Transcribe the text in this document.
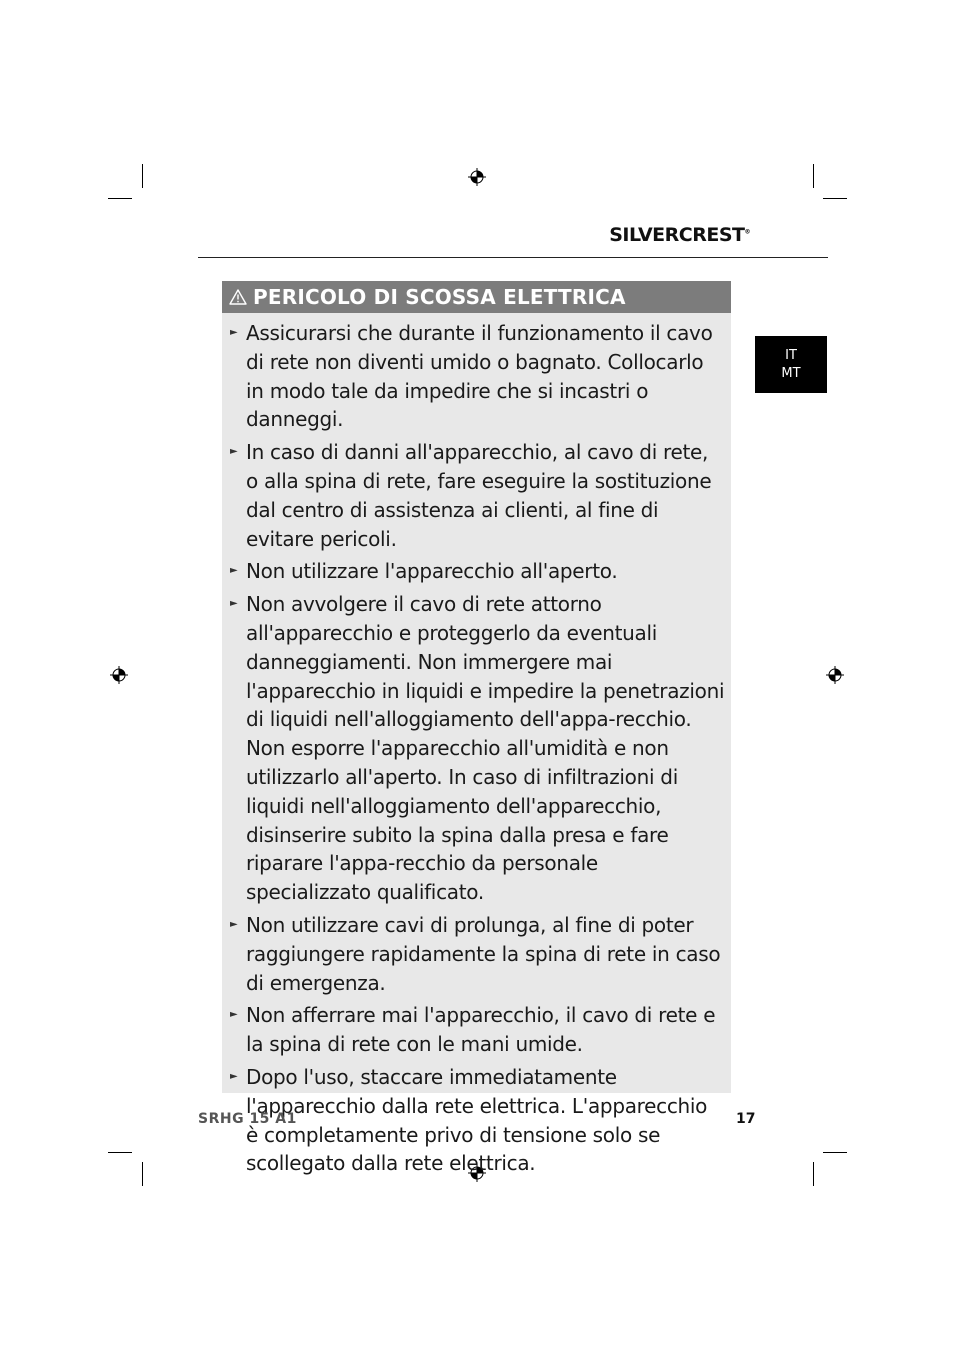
SILVERCREST®
IT
MT
PERICOLO DI SCOSSA ELETTRICA
► Assicurarsi che durante il funzionamento il cavo di rete non diventi umido o bagnato. Collocarlo in modo tale da impedire che si incastri o danneggi.
► In caso di danni all'apparecchio, al cavo di rete, o alla spina di rete, fare eseguire la sostituzione dal centro di assistenza ai clienti, al fine di evitare pericoli.
► Non utilizzare l'apparecchio all'aperto.
► Non avvolgere il cavo di rete attorno all'apparecchio e proteggerlo da eventuali danneggiamenti. Non immergere mai l'apparecchio in liquidi e impedire la penetrazioni di liquidi nell'alloggiamento dell'appa-recchio. Non esporre l'apparecchio all'umidità e non utilizzarlo all'aperto. In caso di infiltrazioni di liquidi nell'alloggiamento dell'apparecchio, disinserire subito la spina dalla presa e fare riparare l'appa-recchio da personale specializzato qualificato.
► Non utilizzare cavi di prolunga, al fine di poter raggiungere rapidamente la spina di rete in caso di emergenza.
► Non afferrare mai l'apparecchio, il cavo di rete e la spina di rete con le mani umide.
► Dopo l'uso, staccare immediatamente l'apparecchio dalla rete elettrica. L'apparecchio è completamente privo di tensione solo se scollegato dalla rete elettrica.
SRHG 15 A1	17
